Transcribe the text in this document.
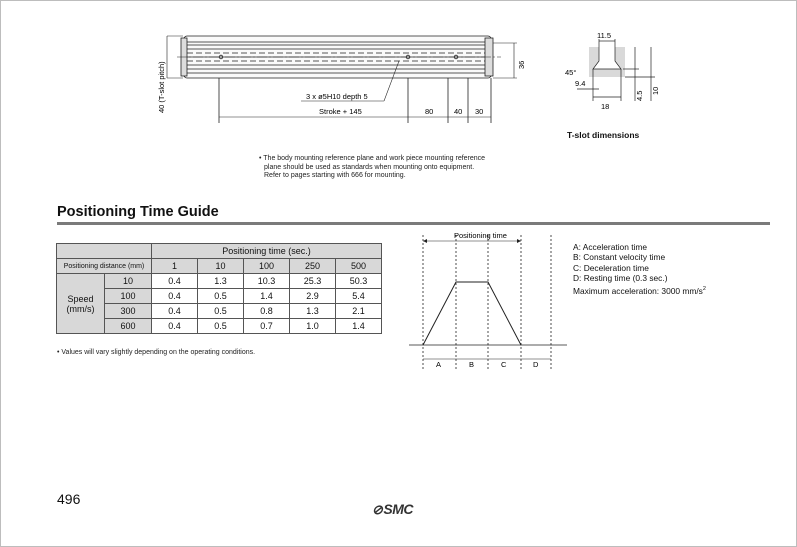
40 (T-slot pitch)	3 x ø5H10 depth 5
Stroke + 145	80	40 30
36
11.5
45°
9.4
18
4.5 10
T-slot dimensions
• The body mounting reference plane and work piece mounting reference
plane should be used as standards when mounting onto equipment.
Refer to pages starting with 666 for mounting.
Positioning Time Guide
		Positioning time (sec.)				
Positioning distance (mm)		1	10	100	250	500

Speed
(mm/s)	10	0.4	1.3	10.3	25.3	50.3
	100	0.4	0.5	1.4	2.9	5.4
	300	0.4	0.5	0.8	1.3	2.1
	600	0.4	0.5	0.7	1.0	1.4
• Values will vary slightly depending on the operating conditions.
Positioning time
A	B	C	D
A: Acceleration time
B: Constant velocity time
C: Deceleration time
D: Resting time (0.3 sec.)
Maximum acceleration: 3000 $mm/s^2$
496
⊘SMC
